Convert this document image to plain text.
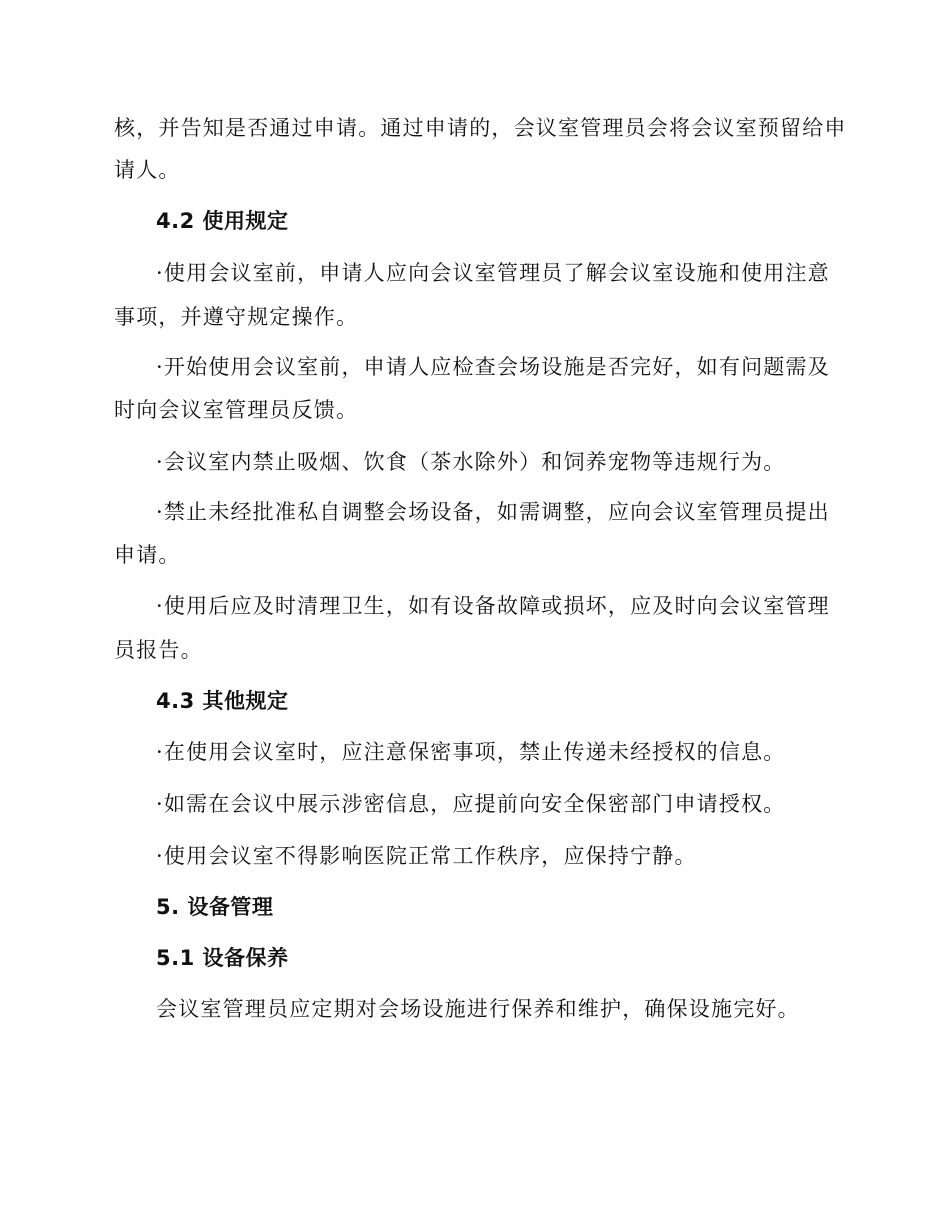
核，并告知是否通过申请。通过申请的，会议室管理员会将会议室预留给申
请人。
4.2 使用规定
·使用会议室前，申请人应向会议室管理员了解会议室设施和使用注意
事项，并遵守规定操作。
·开始使用会议室前，申请人应检查会场设施是否完好，如有问题需及
时向会议室管理员反馈。
·会议室内禁止吸烟、饮食（茶水除外）和饲养宠物等违规行为。
·禁止未经批准私自调整会场设备，如需调整，应向会议室管理员提出
申请。
·使用后应及时清理卫生，如有设备故障或损坏，应及时向会议室管理
员报告。
4.3 其他规定
·在使用会议室时，应注意保密事项，禁止传递未经授权的信息。
·如需在会议中展示涉密信息，应提前向安全保密部门申请授权。
·使用会议室不得影响医院正常工作秩序，应保持宁静。
5. 设备管理
5.1 设备保养
会议室管理员应定期对会场设施进行保养和维护，确保设施完好。
